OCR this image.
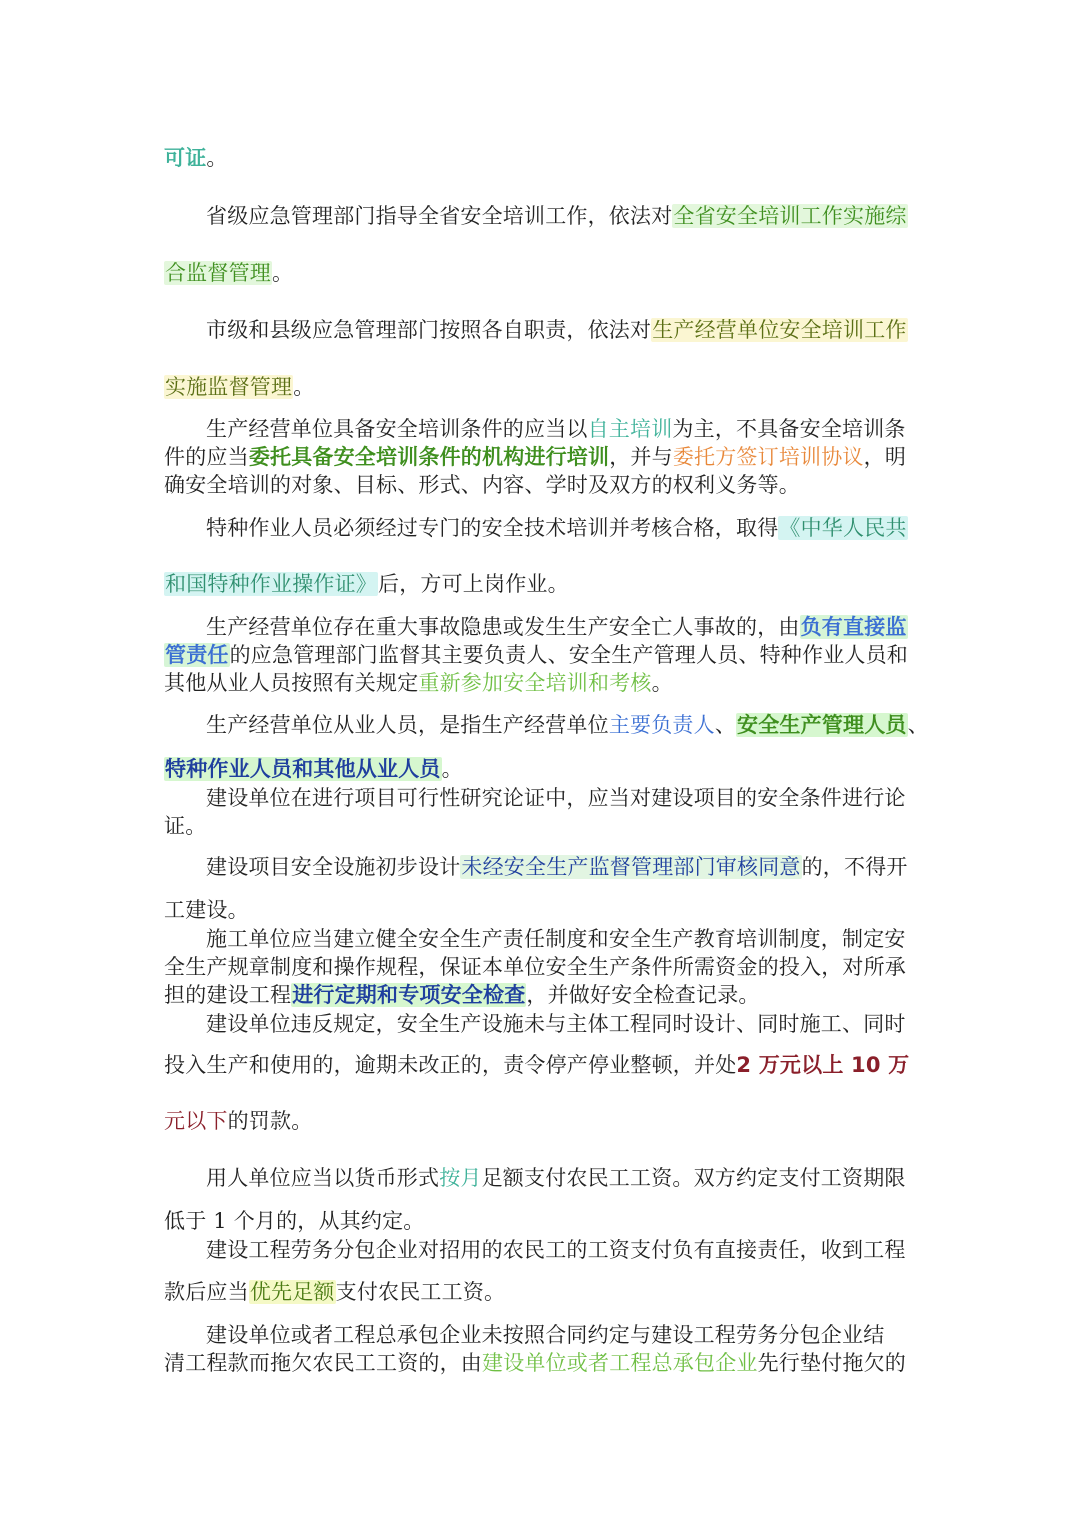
可证。
省级应急管理部门指导全省安全培训工作，依法对全省安全培训工作实施综
合监督管理。
市级和县级应急管理部门按照各自职责，依法对生产经营单位安全培训工作
实施监督管理。
生产经营单位具备安全培训条件的应当以自主培训为主，不具备安全培训条
件的应当委托具备安全培训条件的机构进行培训，并与委托方签订培训协议，明
确安全培训的对象、目标、形式、内容、学时及双方的权利义务等。
特种作业人员必须经过专门的安全技术培训并考核合格，取得《中华人民共
和国特种作业操作证》后，方可上岗作业。
生产经营单位存在重大事故隐患或发生生产安全亡人事故的，由负有直接监
管责任的应急管理部门监督其主要负责人、安全生产管理人员、特种作业人员和
其他从业人员按照有关规定重新参加安全培训和考核。
生产经营单位从业人员，是指生产经营单位主要负责人、安全生产管理人员、
特种作业人员和其他从业人员。
建设单位在进行项目可行性研究论证中，应当对建设项目的安全条件进行论
证。
建设项目安全设施初步设计未经安全生产监督管理部门审核同意的，不得开
工建设。
施工单位应当建立健全安全生产责任制度和安全生产教育培训制度，制定安
全生产规章制度和操作规程，保证本单位安全生产条件所需资金的投入，对所承
担的建设工程进行定期和专项安全检查，并做好安全检查记录。
建设单位违反规定，安全生产设施未与主体工程同时设计、同时施工、同时
投入生产和使用的，逾期未改正的，责令停产停业整顿，并处2 万元以上 10 万
元以下的罚款。
用人单位应当以货币形式按月足额支付农民工工资。双方约定支付工资期限
低于 1 个月的，从其约定。
建设工程劳务分包企业对招用的农民工的工资支付负有直接责任，收到工程
款后应当优先足额支付农民工工资。
建设单位或者工程总承包企业未按照合同约定与建设工程劳务分包企业结
清工程款而拖欠农民工工资的，由建设单位或者工程总承包企业先行垫付拖欠的
